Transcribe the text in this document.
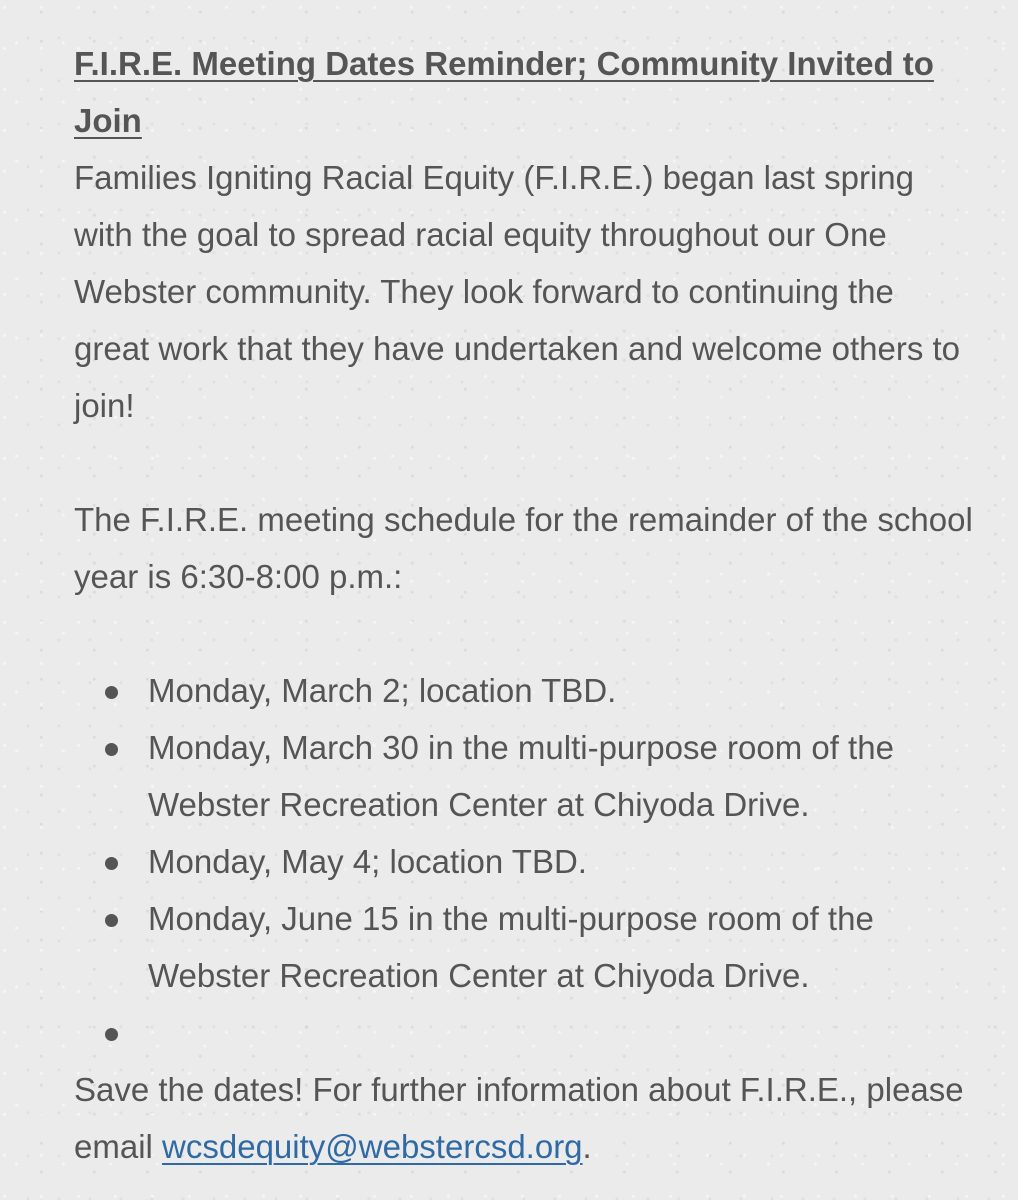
F.I.R.E. Meeting Dates Reminder; Community Invited to Join

Families Igniting Racial Equity (F.I.R.E.) began last spring with the goal to spread racial equity throughout our One Webster community. They look forward to continuing the great work that they have undertaken and welcome others to join!

The F.I.R.E. meeting schedule for the remainder of the school year is 6:30-8:00 p.m.:

Monday, March 2; location TBD.
Monday, March 30 in the multi-purpose room of the Webster Recreation Center at Chiyoda Drive.
Monday, May 4; location TBD.
Monday, June 15 in the multi-purpose room of the Webster Recreation Center at Chiyoda Drive.

Save the dates! For further information about F.I.R.E., please email wcsdequity@webstercsd.org.
